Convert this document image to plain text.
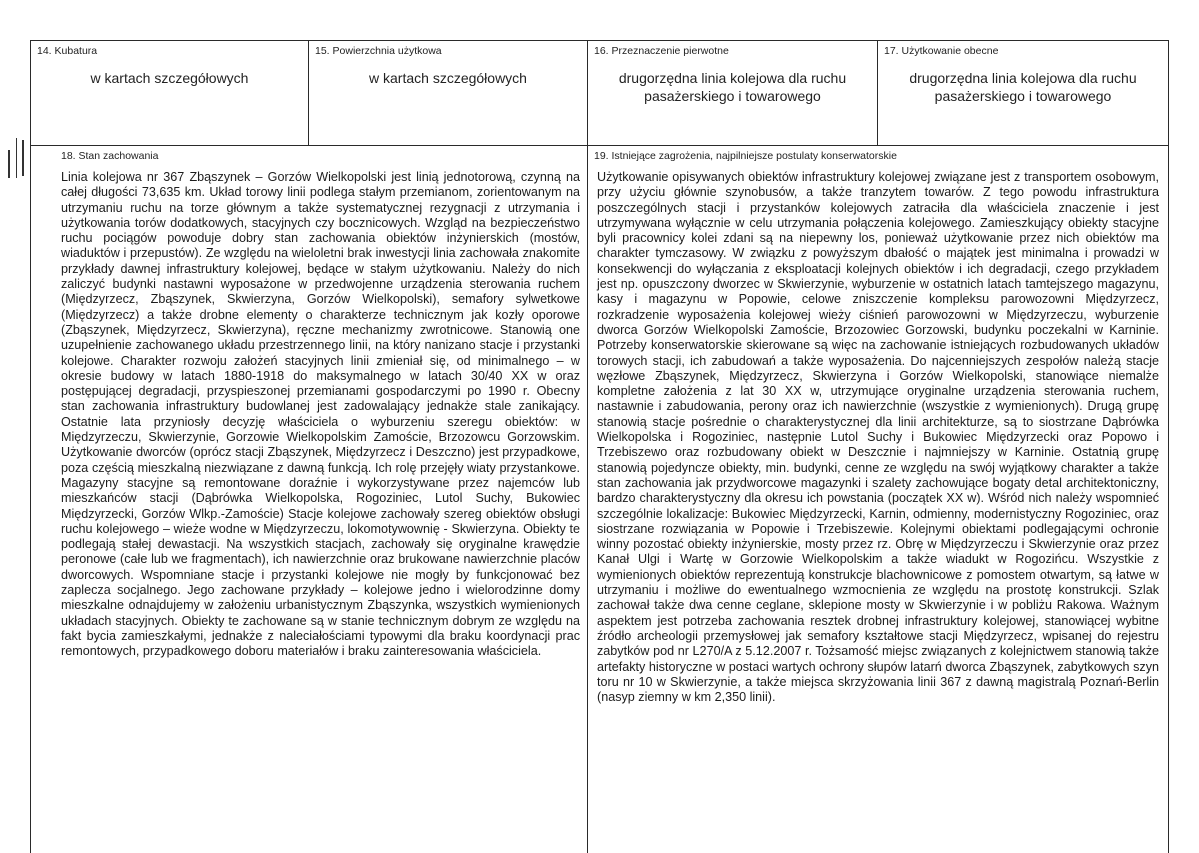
14. Kubatura
w kartach szczegółowych
15. Powierzchnia użytkowa
w kartach szczegółowych
16. Przeznaczenie pierwotne
drugorzędna linia kolejowa dla ruchu pasażerskiego i towarowego
17. Użytkowanie obecne
drugorzędna linia kolejowa dla ruchu pasażerskiego i towarowego
18. Stan zachowania
Linia kolejowa nr 367 Zbąszynek – Gorzów Wielkopolski jest linią jednotorową, czynną na całej długości 73,635 km. Układ torowy linii podlega stałym przemianom, zorientowanym na utrzymaniu ruchu na torze głównym a także systematycznej rezygnacji z utrzymania i użytkowania torów dodatkowych, stacyjnych czy bocznicowych. Wzgląd na bezpieczeństwo ruchu pociągów powoduje dobry stan zachowania obiektów inżynierskich (mostów, wiaduktów i przepustów). Ze względu na wieloletni brak inwestycji linia zachowała znakomite przykłady dawnej infrastruktury kolejowej, będące w stałym użytkowaniu. Należy do nich zaliczyć budynki nastawni wyposażone w przedwojenne urządzenia sterowania ruchem (Międzyrzecz, Zbąszynek, Skwierzyna, Gorzów Wielkopolski), semafory sylwetkowe (Międzyrzecz) a także drobne elementy o charakterze technicznym jak kozły oporowe (Zbąszynek, Międzyrzecz, Skwierzyna), ręczne mechanizmy zwrotnicowe. Stanowią one uzupełnienie zachowanego układu przestrzennego linii, na który nanizano stacje i przystanki kolejowe. Charakter rozwoju założeń stacyjnych linii zmieniał się, od minimalnego – w okresie budowy w latach 1880-1918 do maksymalnego w latach 30/40 XX w oraz postępującej degradacji, przyspieszonej przemianami gospodarczymi po 1990 r. Obecny stan zachowania infrastruktury budowlanej jest zadowalający jednakże stale zanikający. Ostatnie lata przyniosły decyzję właściciela o wyburzeniu szeregu obiektów: w Międzyrzeczu, Skwierzynie, Gorzowie Wielkopolskim Zamoście, Brzozowcu Gorzowskim. Użytkowanie dworców (oprócz stacji Zbąszynek, Międzyrzecz i Deszczno) jest przypadkowe, poza częścią mieszkalną niezwiązane z dawną funkcją. Ich rolę przejęły wiaty przystankowe. Magazyny stacyjne są remontowane doraźnie i wykorzystywane przez najemców lub mieszkańców stacji (Dąbrówka Wielkopolska, Rogoziniec, Lutol Suchy, Bukowiec Międzyrzecki, Gorzów Wlkp.-Zamoście) Stacje kolejowe zachowały szereg obiektów obsługi ruchu kolejowego – wieże wodne w Międzyrzeczu, lokomotywownię - Skwierzyna. Obiekty te podlegają stałej dewastacji. Na wszystkich stacjach, zachowały się oryginalne krawędzie peronowe (całe lub we fragmentach), ich nawierzchnie oraz brukowane nawierzchnie placów dworcowych. Wspomniane stacje i przystanki kolejowe nie mogły by funkcjonować bez zaplecza socjalnego. Jego zachowane przykłady – kolejowe jedno i wielorodzinne domy mieszkalne odnajdujemy w założeniu urbanistycznym Zbąszynka, wszystkich wymienionych układach stacyjnych. Obiekty te zachowane są w stanie technicznym dobrym ze względu na fakt bycia zamieszkałymi, jednakże z naleciałościami typowymi dla braku koordynacji prac remontowych, przypadkowego doboru materiałów i braku zainteresowania właściciela.
19. Istniejące zagrożenia, najpilniejsze postulaty konserwatorskie
Użytkowanie opisywanych obiektów infrastruktury kolejowej związane jest z transportem osobowym, przy użyciu głównie szynobusów, a także tranzytem towarów. Z tego powodu infrastruktura poszczególnych stacji i przystanków kolejowych zatraciła dla właściciela znaczenie i jest utrzymywana wyłącznie w celu utrzymania połączenia kolejowego. Zamieszkujący obiekty stacyjne byli pracownicy kolei zdani są na niepewny los, ponieważ użytkowanie przez nich obiektów ma charakter tymczasowy. W związku z powyższym dbałość o majątek jest minimalna i prowadzi w konsekwencji do wyłączania z eksploatacji kolejnych obiektów i ich degradacji, czego przykładem jest np. opuszczony dworzec w Skwierzynie, wyburzenie w ostatnich latach tamtejszego magazynu, kasy i magazynu w Popowie, celowe zniszczenie kompleksu parowozowni Międzyrzecz, rozkradzenie wyposażenia kolejowej wieży ciśnień parowozowni w Międzyrzeczu, wyburzenie dworca Gorzów Wielkopolski Zamoście, Brzozowiec Gorzowski, budynku poczekalni w Karninie. Potrzeby konserwatorskie skierowane są więc na zachowanie istniejących rozbudowanych układów torowych stacji, ich zabudowań a także wyposażenia. Do najcenniejszych zespołów należą stacje węzłowe Zbąszynek, Międzyrzecz, Skwierzyna i Gorzów Wielkopolski, stanowiące niemalże kompletne założenia z lat 30 XX w, utrzymujące oryginalne urządzenia sterowania ruchem, nastawnie i zabudowania, perony oraz ich nawierzchnie (wszystkie z wymienionych). Drugą grupę stanowią stacje pośrednie o charakterystycznej dla linii architekturze, są to siostrzane Dąbrówka Wielkopolska i Rogoziniec, następnie Lutol Suchy i Bukowiec Międzyrzecki oraz Popowo i Trzebiszewo oraz rozbudowany obiekt w Deszcznie i najmniejszy w Karninie. Ostatnią grupę stanowią pojedyncze obiekty, min. budynki, cenne ze względu na swój wyjątkowy charakter a także stan zachowania jak przydworcowe magazynki i szalety zachowujące bogaty detal architektoniczny, bardzo charakterystyczny dla okresu ich powstania (początek XX w). Wśród nich należy wspomnieć szczególnie lokalizacje: Bukowiec Międzyrzecki, Karnin, odmienny, modernistyczny Rogoziniec, oraz siostrzane rozwiązania w Popowie i Trzebiszewie. Kolejnymi obiektami podlegającymi ochronie winny pozostać obiekty inżynierskie, mosty przez rz. Obrę w Międzyrzeczu i Skwierzynie oraz przez Kanał Ulgi i Wartę w Gorzowie Wielkopolskim a także wiadukt w Rogozińcu. Wszystkie z wymienionych obiektów reprezentują konstrukcje blachownicowe z pomostem otwartym, są łatwe w utrzymaniu i możliwe do ewentualnego wzmocnienia ze względu na prostotę konstrukcji. Szlak zachował także dwa cenne ceglane, sklepione mosty w Skwierzynie i w pobliżu Rakowa. Ważnym aspektem jest potrzeba zachowania resztek drobnej infrastruktury kolejowej, stanowiącej wybitne źródło archeologii przemysłowej jak semafory kształtowe stacji Międzyrzecz, wpisanej do rejestru zabytków pod nr L270/A z 5.12.2007 r. Tożsamość miejsc związanych z kolejnictwem stanowią także artefakty historyczne w postaci wartych ochrony słupów latarń dworca Zbąszynek, zabytkowych szyn toru nr 10 w Skwierzynie, a także miejsca skrzyżowania linii 367 z dawną magistralą Poznań-Berlin (nasyp ziemny w km 2,350 linii).
